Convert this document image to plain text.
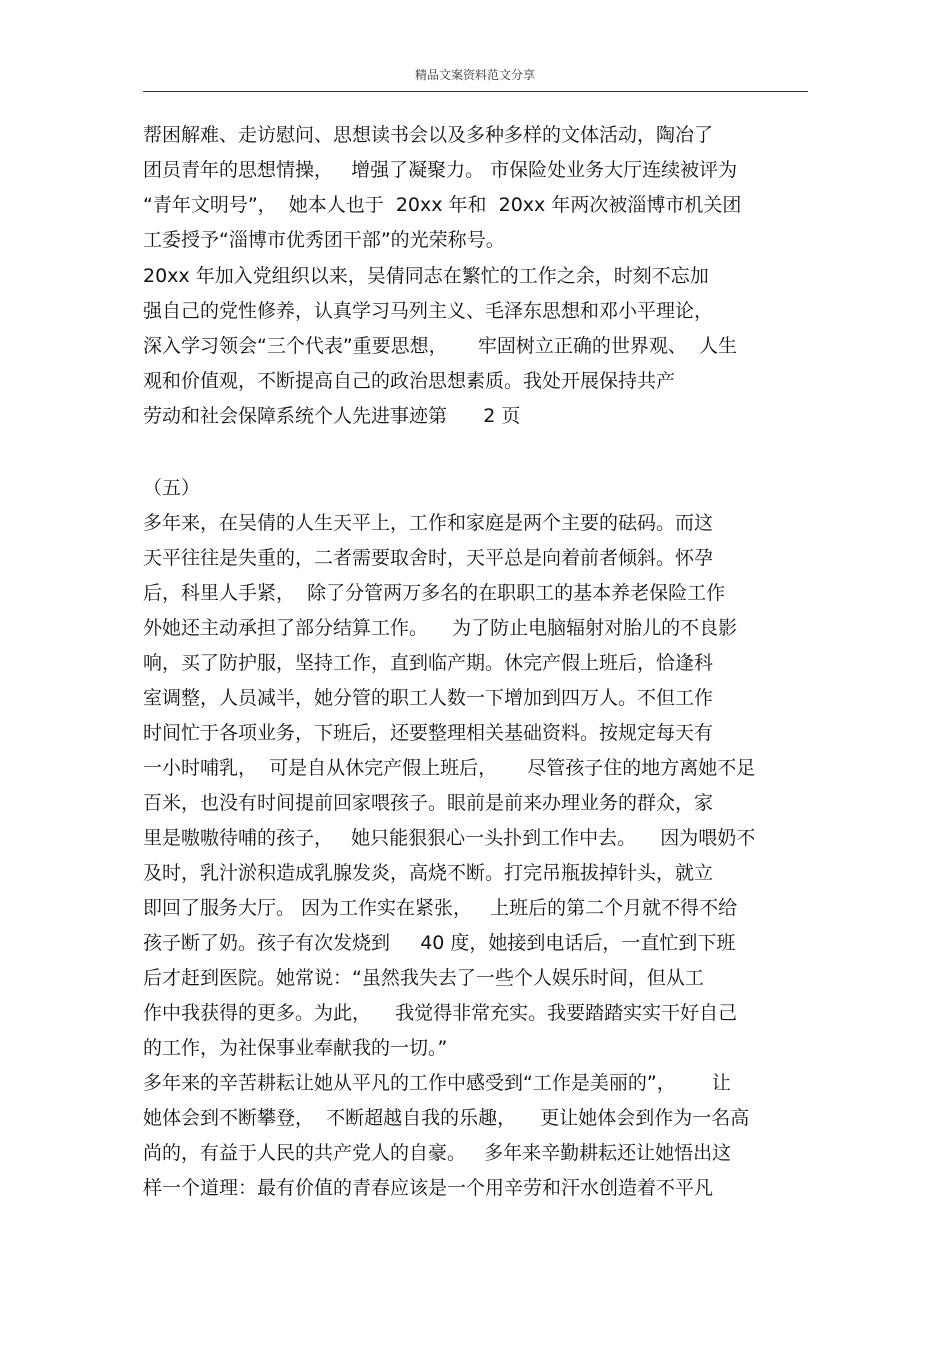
精品文案资料范文分享
帮困解难、走访慰问、思想读书会以及多种多样的文体活动，陶冶了
团员青年的思想情操，   增强了凝聚力。 市保险处业务大厅连续被评为
“青年文明号”，  她本人也于  20xx 年和  20xx 年两次被淄博市机关团
工委授予“淄博市优秀团干部”的光荣称号。
20xx 年加入党组织以来，吴倩同志在繁忙的工作之余，时刻不忘加
强自己的党性修养，认真学习马列主义、毛泽东思想和邓小平理论，
深入学习领会“三个代表”重要思想，     牢固树立正确的世界观、  人生
观和价值观，不断提高自己的政治思想素质。我处开展保持共产
劳动和社会保障系统个人先进事迹第      2 页
（五）
多年来，在吴倩的人生天平上，工作和家庭是两个主要的砝码。而这
天平往往是失重的，二者需要取舍时，天平总是向着前者倾斜。怀孕
后，科里人手紧，  除了分管两万多名的在职职工的基本养老保险工作
外她还主动承担了部分结算工作。    为了防止电脑辐射对胎儿的不良影
响，买了防护服，坚持工作，直到临产期。休完产假上班后，恰逢科
室调整，人员减半，她分管的职工人数一下增加到四万人。不但工作
时间忙于各项业务，下班后，还要整理相关基础资料。按规定每天有
一小时哺乳，  可是自从休完产假上班后，     尽管孩子住的地方离她不足
百米，也没有时间提前回家喂孩子。眼前是前来办理业务的群众，家
里是嗷嗷待哺的孩子，   她只能狠狠心一头扑到工作中去。    因为喂奶不
及时，乳汁淤积造成乳腺发炎，高烧不断。打完吊瓶拔掉针头，就立
即回了服务大厅。 因为工作实在紧张，   上班后的第二个月就不得不给
孩子断了奶。孩子有次发烧到     40 度，她接到电话后，一直忙到下班
后才赶到医院。她常说：“虽然我失去了一些个人娱乐时间，但从工
作中我获得的更多。为此，    我觉得非常充实。我要踏踏实实干好自己
的工作，为社保事业奉献我的一切。”
多年来的辛苦耕耘让她从平凡的工作中感受到“工作是美丽的”，      让
她体会到不断攀登，  不断超越自我的乐趣，    更让她体会到作为一名高
尚的，有益于人民的共产党人的自豪。   多年来辛勤耕耘还让她悟出这
样一个道理：最有价值的青春应该是一个用辛劳和汗水创造着不平凡
